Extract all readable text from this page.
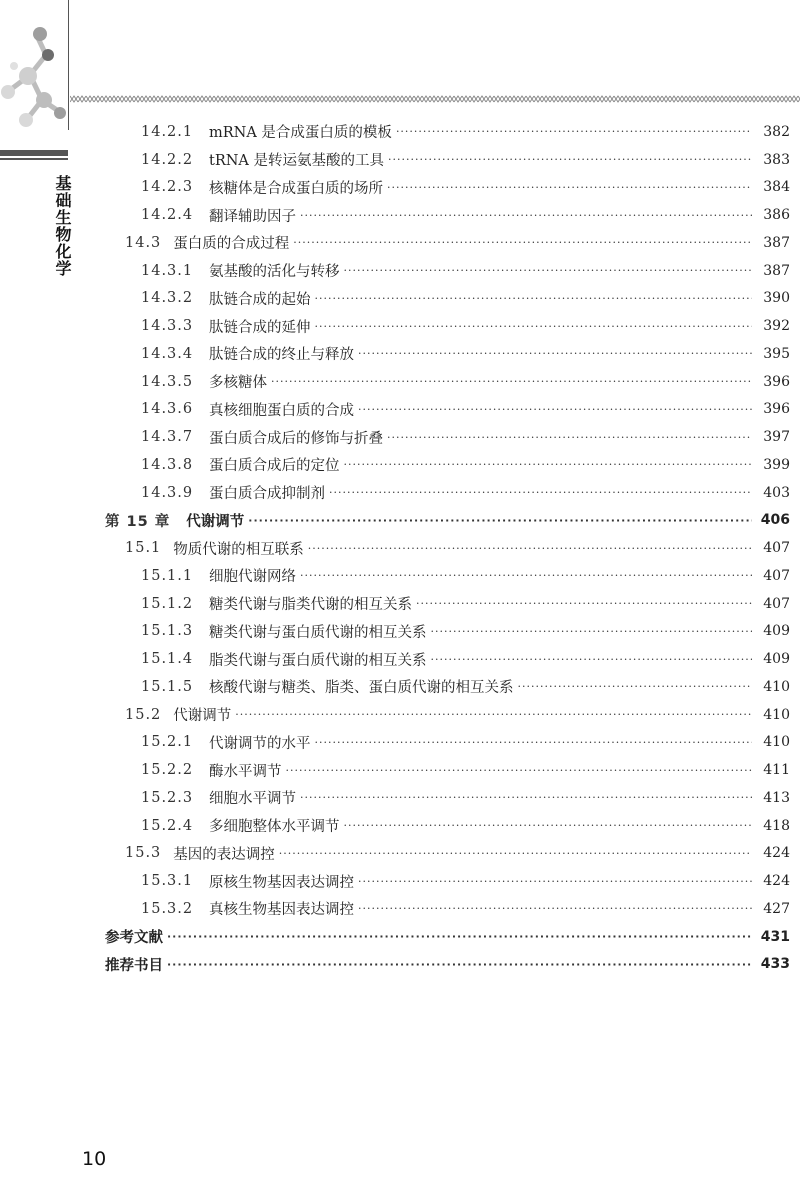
基础生物化学
14.2.1 mRNA 是合成蛋白质的模板 ·····	382
14.2.2 tRNA 是转运氨基酸的工具 ·····	383
14.2.3 核糖体是合成蛋白质的场所 ·····	384
14.2.4 翻译辅助因子 ·····	386
14.3 蛋白质的合成过程 ·····	387
14.3.1 氨基酸的活化与转移 ·····	387
14.3.2 肽链合成的起始 ·····	390
14.3.3 肽链合成的延伸 ·····	392
14.3.4 肽链合成的终止与释放 ·····	395
14.3.5 多核糖体 ·····	396
14.3.6 真核细胞蛋白质的合成 ·····	396
14.3.7 蛋白质合成后的修饰与折叠 ·····	397
14.3.8 蛋白质合成后的定位 ·····	399
14.3.9 蛋白质合成抑制剂 ·····	403
第 15 章 代谢调节 ·····	406
15.1 物质代谢的相互联系 ·····	407
15.1.1 细胞代谢网络 ·····	407
15.1.2 糖类代谢与脂类代谢的相互关系 ·····	407
15.1.3 糖类代谢与蛋白质代谢的相互关系 ·····	409
15.1.4 脂类代谢与蛋白质代谢的相互关系 ·····	409
15.1.5 核酸代谢与糖类、脂类、蛋白质代谢的相互关系 ·····	410
15.2 代谢调节 ·····	410
15.2.1 代谢调节的水平 ·····	410
15.2.2 酶水平调节 ·····	411
15.2.3 细胞水平调节 ·····	413
15.2.4 多细胞整体水平调节 ·····	418
15.3 基因的表达调控 ·····	424
15.3.1 原核生物基因表达调控 ·····	424
15.3.2 真核生物基因表达调控 ·····	427
参考文献 ·····	431
推荐书目 ·····	433
10
